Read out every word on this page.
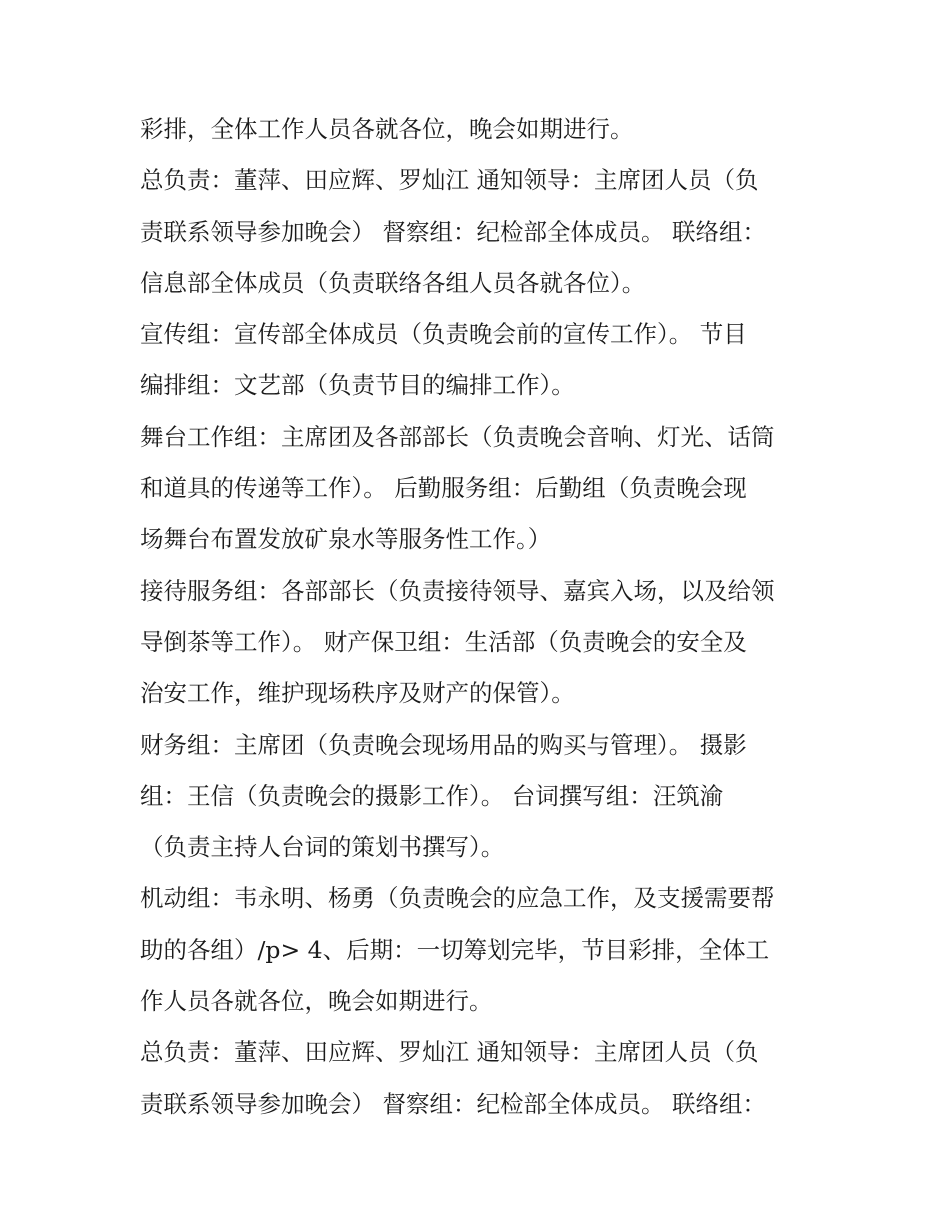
彩排，全体工作人员各就各位，晚会如期进行。
总负责：董萍、田应辉、罗灿江 通知领导：主席团人员（负
责联系领导参加晚会） 督察组：纪检部全体成员。 联络组：
信息部全体成员（负责联络各组人员各就各位）。
宣传组：宣传部全体成员（负责晚会前的宣传工作）。 节目
编排组：文艺部（负责节目的编排工作）。
舞台工作组：主席团及各部部长（负责晚会音响、灯光、话筒
和道具的传递等工作）。 后勤服务组：后勤组（负责晚会现
场舞台布置发放矿泉水等服务性工作。）
接待服务组：各部部长（负责接待领导、嘉宾入场，以及给领
导倒茶等工作）。 财产保卫组：生活部（负责晚会的安全及
治安工作，维护现场秩序及财产的保管）。
财务组：主席团（负责晚会现场用品的购买与管理）。 摄影
组：王信（负责晚会的摄影工作）。 台词撰写组：汪筑渝
（负责主持人台词的策划书撰写）。
机动组：韦永明、杨勇（负责晚会的应急工作，及支援需要帮
助的各组）/p> 4、后期：一切筹划完毕，节目彩排，全体工
作人员各就各位，晚会如期进行。
总负责：董萍、田应辉、罗灿江 通知领导：主席团人员（负
责联系领导参加晚会） 督察组：纪检部全体成员。 联络组：
